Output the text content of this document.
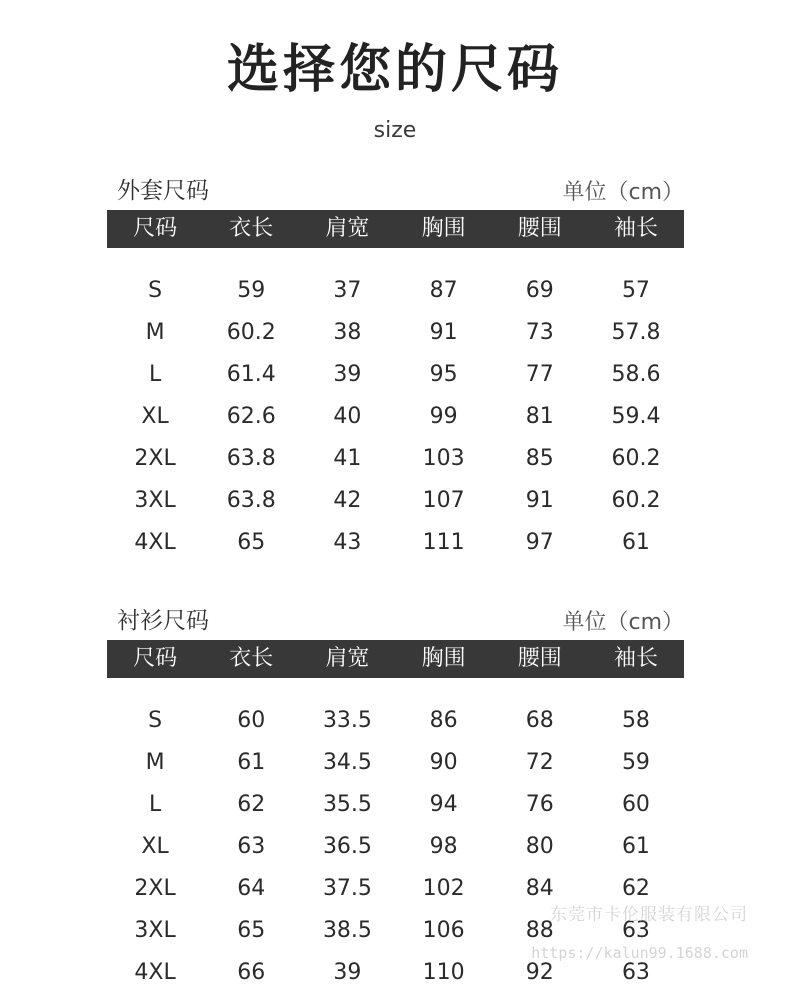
选择您的尺码
size
外套尺码	单位（cm）
尺码	衣长	肩宽	胸围	腰围	袖长
S	59	37	87	69	57
M	60.2	38	91	73	57.8
L	61.4	39	95	77	58.6
XL	62.6	40	99	81	59.4
2XL	63.8	41	103	85	60.2
3XL	63.8	42	107	91	60.2
4XL	65	43	111	97	61
衬衫尺码	单位（cm）
尺码	衣长	肩宽	胸围	腰围	袖长
S	60	33.5	86	68	58
M	61	34.5	90	72	59
L	62	35.5	94	76	60
XL	63	36.5	98	80	61
2XL	64	37.5	102	84	62
3XL	65	38.5	106	88	63
4XL	66	39	110	92	63
东莞市卡伦服装有限公司
https://kalun99.1688.com
